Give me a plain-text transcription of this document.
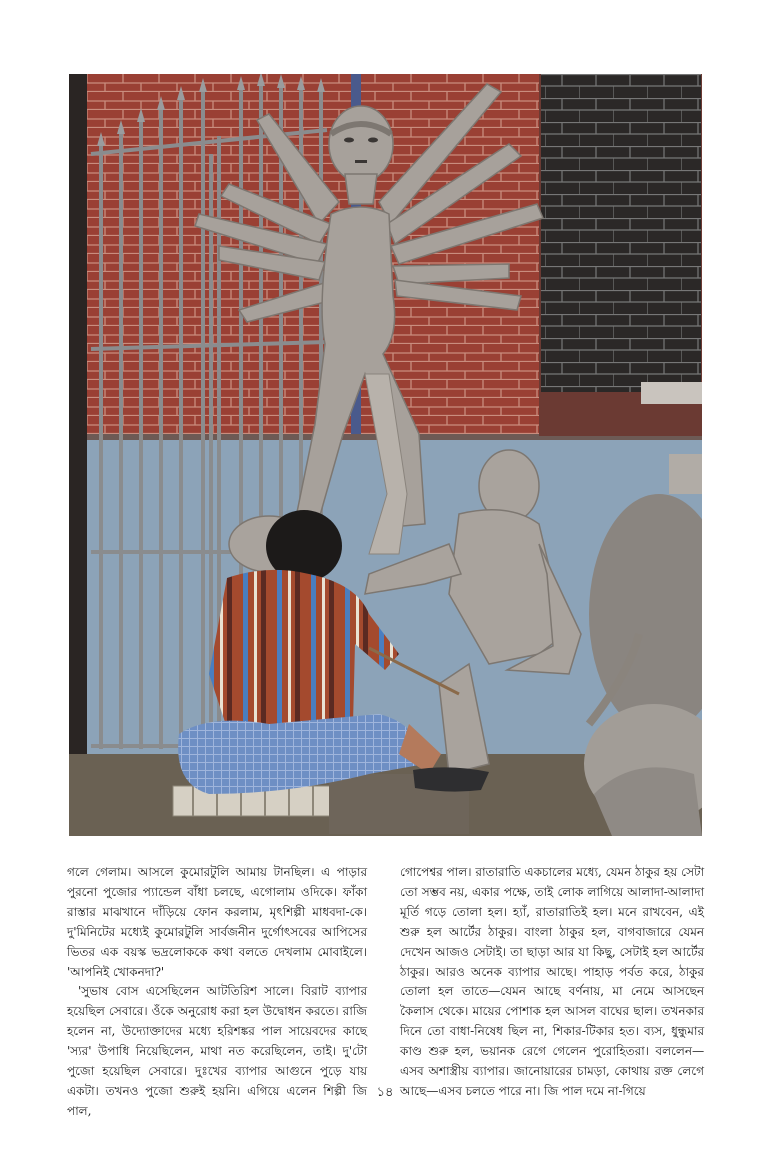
গলে গেলাম। আসলে কুমোরটুলি আমায় টানছিল। এ পাড়ার পুরনো পুজোর প্যান্ডেল বাঁধা চলছে, এগোলাম ওদিকে। ফাঁকা রাস্তার মাঝখানে দাঁড়িয়ে ফোন করলাম, মৃৎশিল্পী মাধবদা-কে। দু'মিনিটের মধ্যেই কুমোরটুলি সার্বজনীন দুর্গোৎসবের আপিসের ভিতর এক বয়স্ক ভদ্রলোককে কথা বলতে দেখলাম মোবাইলে। 'আপনিই খোকনদা?'

'সুভাষ বোস এসেছিলেন আটতিরিশ সালে। বিরাট ব্যাপার হয়েছিল সেবারে। ওঁকে অনুরোধ করা হল উদ্বোধন করতে। রাজি হলেন না, উদ্যোক্তাদের মধ্যে হরিশঙ্কর পাল সায়েবদের কাছে 'স্যর' উপাধি নিয়েছিলেন, মাথা নত করেছিলেন, তাই। দু'টো পুজো হয়েছিল সেবারে। দুঃখের ব্যাপার আগুনে পুড়ে যায় একটা। তখনও পুজো শুরুই হয়নি। এগিয়ে এলেন শিল্পী জি পাল,

গোপেশ্বর পাল। রাতারাতি একচালের মধ্যে, যেমন ঠাকুর হয় সেটা তো সম্ভব নয়, একার পক্ষে, তাই লোক লাগিয়ে আলাদা-আলাদা মূর্তি গড়ে তোলা হল। হ্যাঁ, রাতারাতিই হল। মনে রাখবেন, এই শুরু হল আর্টের ঠাকুর। বাংলা ঠাকুর হল, বাগবাজারে যেমন দেখেন আজও সেটাই। তা ছাড়া আর যা কিছু, সেটাই হল আর্টের ঠাকুর। আরও অনেক ব্যাপার আছে। পাহাড় পর্বত করে, ঠাকুর তোলা হল তাতে—যেমন আছে বর্ণনায়, মা নেমে আসছেন কৈলাস থেকে। মায়ের পোশাক হল আসল বাঘের ছাল। তখনকার দিনে তো বাধা-নিষেধ ছিল না, শিকার-টিকার হত। ব্যস, ধুন্ধুমার কাণ্ড শুরু হল, ভয়ানক রেগে গেলেন পুরোহিতরা। বললেন—এসব অশাস্ত্রীয় ব্যাপার। জানোয়ারের চামড়া, কোথায় রক্ত লেগে আছে—এসব চলতে পারে না। জি পাল দমে না-গিয়ে

১৪
